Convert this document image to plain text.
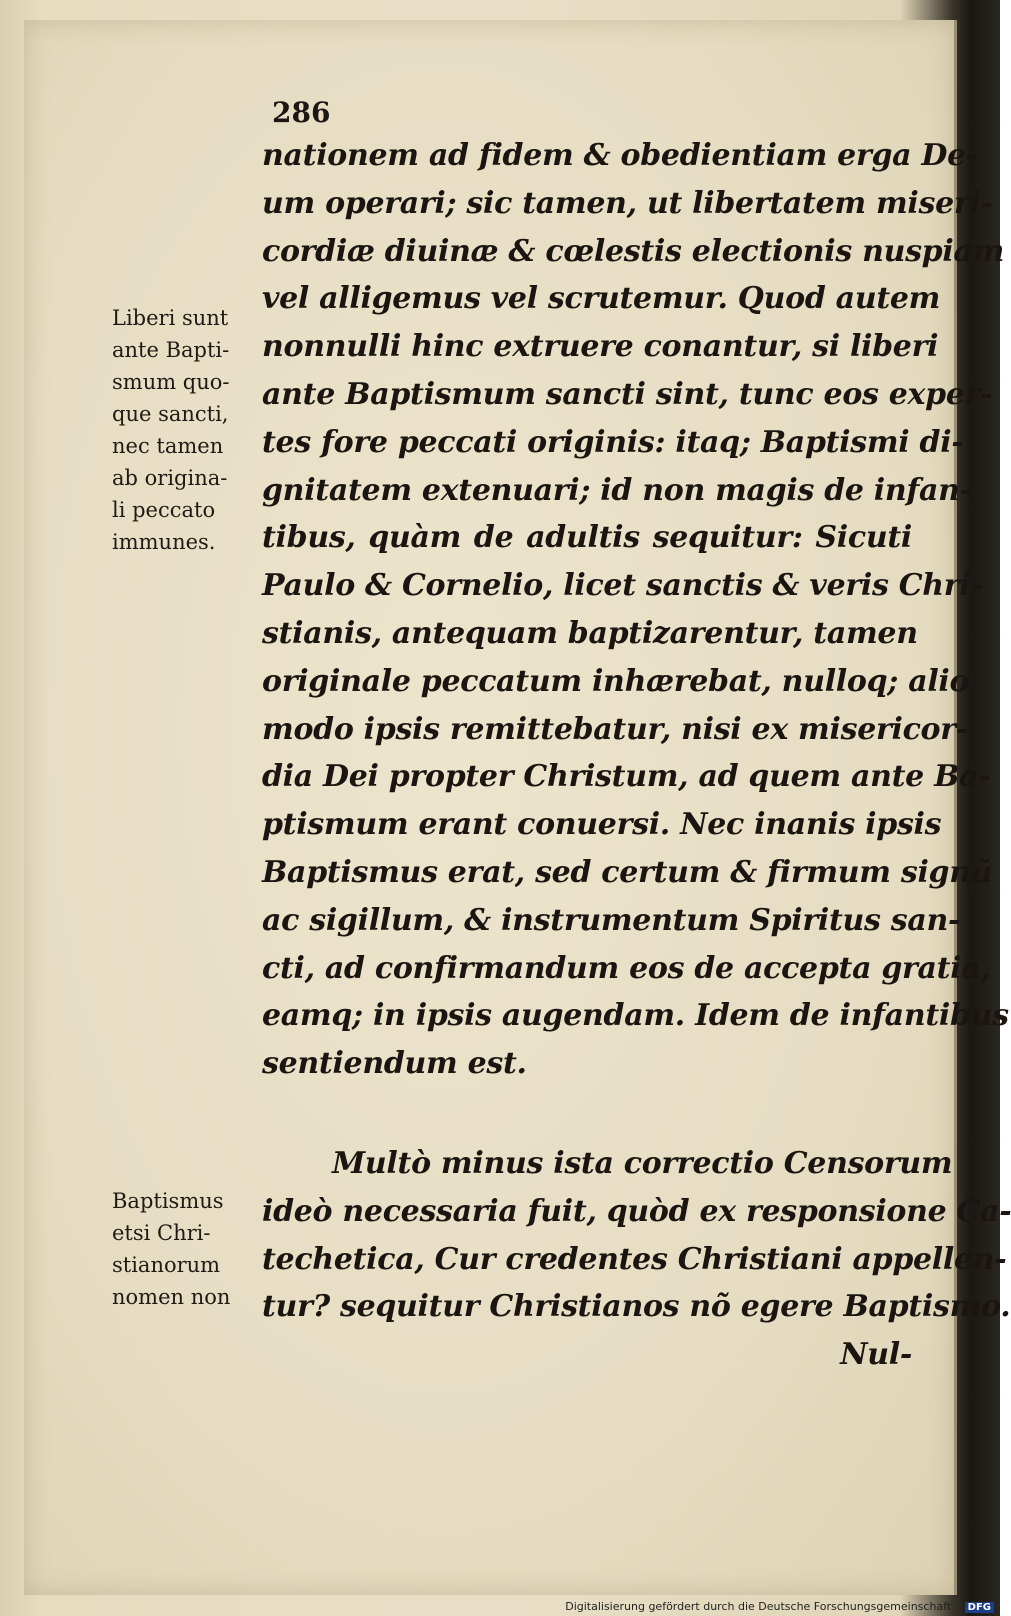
286
nationem ad fidem & obedientiam erga De-
um operari; sic tamen, ut libertatem miseri-
cordiæ diuinæ & cœlestis electionis nuspiam
vel alligemus vel scrutemur. Quod autem
nonnulli hinc extruere conantur, si liberi
ante Baptismum sancti sint, tunc eos exper-
tes fore peccati originis: itaq; Baptismi di-
gnitatem extenuari; id non magis de infan-
tibus, quàm de adultis sequitur: Sicuti
Paulo & Cornelio, licet sanctis & veris Chri-
stianis, antequam baptizarentur, tamen
originale peccatum inhærebat, nulloq; alio
modo ipsis remittebatur, nisi ex misericor-
dia Dei propter Christum, ad quem ante Ba-
ptismum erant conuersi. Nec inanis ipsis
Baptismus erat, sed certum & firmum signũ
ac sigillum, & instrumentum Spiritus san-
cti, ad confirmandum eos de accepta gratia,
eamq; in ipsis augendam. Idem de infantibus
sentiendum est.
Multò minus ista correctio Censorum
ideò necessaria fuit, quòd ex responsione Ca-
techetica, Cur credentes Christiani appellen-
tur? sequitur Christianos nõ egere Baptismo.
Nul-
Liberi sunt
ante Bapti-
smum quo-
que sancti,
nec tamen
ab origina-
li peccato
immunes.
Baptismus
etsi Chri-
stianorum
nomen non
Digitalisierung gefördert durch die Deutsche Forschungsgemeinschaft · DFG
